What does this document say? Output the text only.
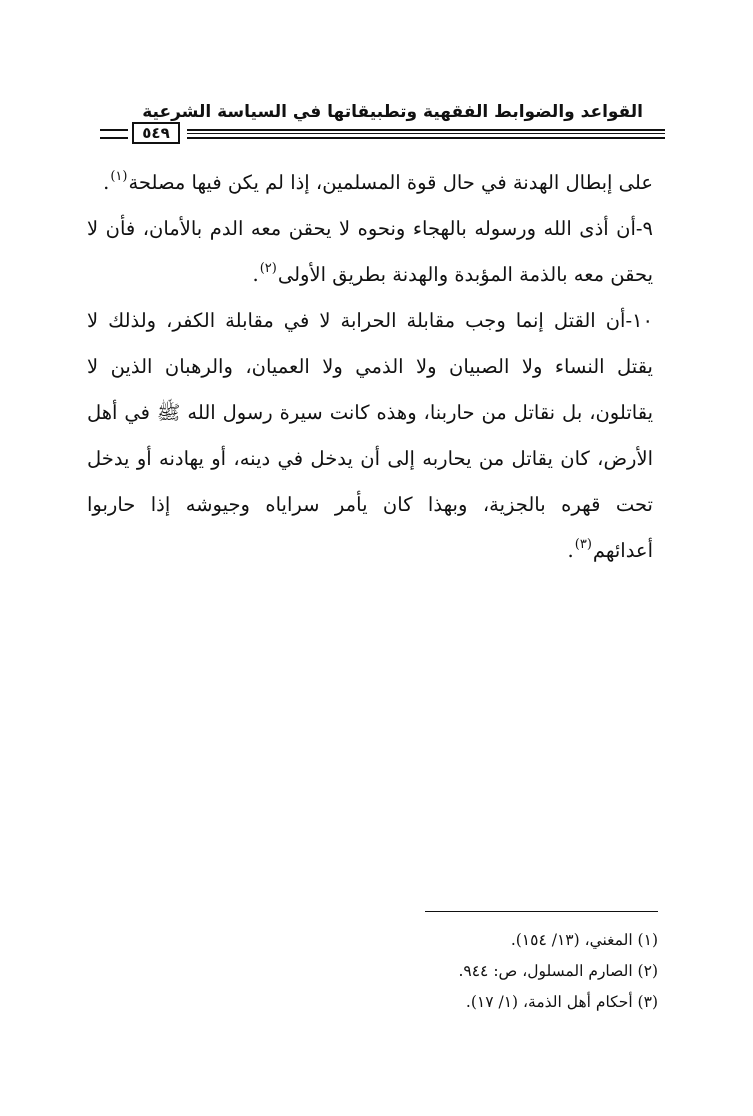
القواعد والضوابط الفقهية وتطبيقاتها في السياسة الشرعية
٥٤٩

على إبطال الهدنة في حال قوة المسلمين، إذا لم يكن فيها مصلحة$^{(١)}$.

٩-أن أذى الله ورسوله بالهجاء ونحوه لا يحقن معه الدم بالأمان، فأن لا يحقن معه بالذمة المؤبدة والهدنة بطريق الأولى$^{(٢)}$.

١٠-أن القتل إنما وجب مقابلة الحرابة لا في مقابلة الكفر، ولذلك لا يقتل النساء ولا الصبيان ولا الذمي ولا العميان، والرهبان الذين لا يقاتلون، بل نقاتل من حاربنا، وهذه كانت سيرة رسول الله ﷺ في أهل الأرض، كان يقاتل من يحاربه إلى أن يدخل في دينه، أو يهادنه أو يدخل تحت قهره بالجزية، وبهذا كان يأمر سراياه وجيوشه إذا حاربوا أعدائهم$^{(٣)}$.

(١) المغني، (١٣/ ١٥٤).
(٢) الصارم المسلول، ص: ٩٤٤.
(٣) أحكام أهل الذمة، (١/ ١٧).
